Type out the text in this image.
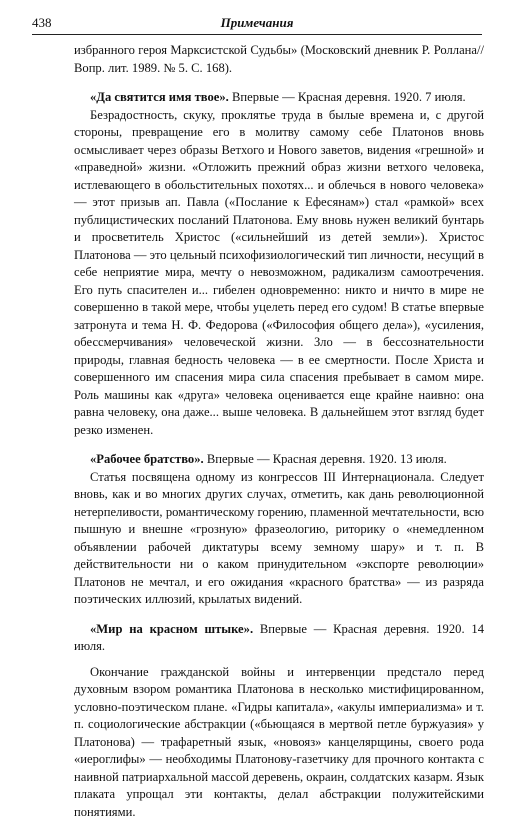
438	Примечания

избранного героя Марксистской Судьбы» (Московский дневник Р. Роллана// Вопр. лит. 1989. № 5. С. 168).

«Да святится имя твое». Впервые — Красная деревня. 1920. 7 июля.

Безрадостность, скуку, проклятье труда в былые времена и, с другой стороны, превращение его в молитву самому себе Платонов вновь осмысливает через образы Ветхого и Нового заветов, видения «грешной» и «праведной» жизни. «Отложить прежний образ жизни ветхого человека, истлевающего в обольстительных похотях... и облечься в нового человека» — этот призыв ап. Павла («Послание к Ефесянам») стал «рамкой» всех публицистических посланий Платонова. Ему вновь нужен великий бунтарь и просветитель Христос («сильнейший из детей земли»). Христос Платонова — это цельный психофизиологический тип личности, несущий в себе неприятие мира, мечту о невозможном, радикализм самоотречения. Его путь спасителен и... гибелен одновременно: никто и ничто в мире не совершенно в такой мере, чтобы уцелеть перед его судом! В статье впервые затронута и тема Н. Ф. Федорова («Философия общего дела»), «усиления, обессмерчивания» человеческой жизни. Зло — в бессознательности природы, главная бедность человека — в ее смертности. После Христа и совершенного им спасения мира сила спасения пребывает в самом мире. Роль машины как «друга» человека оценивается еще крайне наивно: она равна человеку, она даже... выше человека. В дальнейшем этот взгляд будет резко изменен.

«Рабочее братство». Впервые — Красная деревня. 1920. 13 июля.

Статья посвящена одному из конгрессов III Интернационала. Следует вновь, как и во многих других случах, отметить, как дань революционной нетерпеливости, романтическому горению, пламенной мечтательности, всю пышную и внешне «грозную» фразеологию, риторику о «немедленном объявлении рабочей диктатуры всему земному шару» и т. п. В действительности ни о каком принудительном «экспорте революции» Платонов не мечтал, и его ожидания «красного братства» — из разряда поэтических иллюзий, крылатых видений.

«Мир на красном штыке». Впервые — Красная деревня. 1920. 14 июля.

Окончание гражданской войны и интервенции предстало перед духовным взором романтика Платонова в несколько мистифицированном, условно-поэтическом плане. «Гидры капитала», «акулы империализма» и т. п. социологические абстракции («бьющаяся в мертвой петле буржуазия» у Платонова) — трафаретный язык, «новояз» канцелярщины, своего рода «иероглифы» — необходимы Платонову-газетчику для прочного контакта с наивной патриархальной массой деревень, окраин, солдатских казарм. Язык плаката упрощал эти контакты, делал абстракции полужитейскими понятиями.
